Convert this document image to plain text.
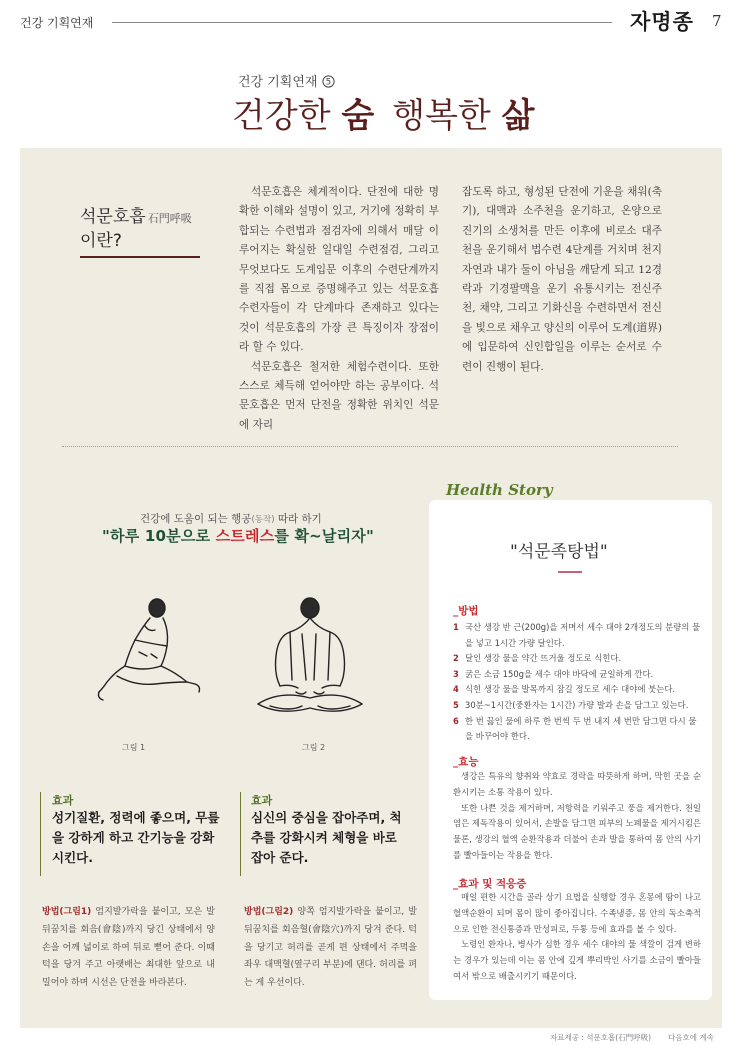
건강 기획연재	자명종 7
건강 기획연재 5
건강한 숨 행복한 삶
석문호흡 石門呼吸
이란?

석문호흡은 체계적이다. 단전에 대한 명확한 이해와 설명이 있고, 거기에 정확히 부합되는 수련법과 점검자에 의해서 매달 이루어지는 확실한 일대일 수련점검, 그리고 무엇보다도 도계입문 이후의 수련단계까지를 직접 몸으로 증명해주고 있는 석문호흡 수련자들이 각 단계마다 존재하고 있다는 것이 석문호흡의 가장 큰 특징이자 장점이라 할 수 있다.

석문호흡은 철저한 체험수련이다. 또한 스스로 체득해 얻어야만 하는 공부이다. 석문호흡은 먼저 단전을 정확한 위치인 석문에 자리

잡도록 하고, 형성된 단전에 기운을 채워(축기), 대맥과 소주천을 운기하고, 온양으로 진기의 소생처를 만든 이후에 비로소 대주천을 운기해서 법수련 4단계를 거치며 천지자연과 내가 둘이 아님을 깨닫게 되고 12경락과 기경팔맥을 운기 유통시키는 전신주천, 채약, 그리고 기화신을 수련하면서 전신을 빛으로 채우고 양신의 이루어 도계(道界)에 입문하여 신인합일을 이루는 순서로 수련이 진행이 된다.

건강에 도움이 되는 행공(동작) 따라 하기
"하루 10분으로 스트레스를 확~날리자"
그림 1	그림 2
효과	효과
성기질환, 정력에 좋으며, 무릎을 강하게 하고 간기능을 강화 시킨다.
심신의 중심을 잡아주며, 척추를 강화시켜 체형을 바로 잡아 준다.
방법(그림1) 엄지발가락을 붙이고, 모은 발 뒤꿈치를 회음(會陰)까지 당긴 상태에서 양손을 어깨 넓이로 하여 뒤로 뻗어 준다. 이때 턱을 당겨 주고 아랫배는 최대한 앞으로 내밀어야 하며 시선은 단전을 바라본다.
방법(그림2) 양쪽 엄지발가락을 붙이고, 발뒤꿈치를 회음혈(會陰穴)까지 당겨 준다. 턱을 당기고 허리를 곧게 편 상태에서 주먹을 좌우 대맥혈(옆구리 부분)에 댄다. 허리를 펴는 게 우선이다.
Health Story
"석문족탕법"
_방법
1 국산 생강 반 근(200g)을 저며서 세수 대야 2개정도의 분량의 물을 넣고 1시간 가량 달인다.
2 달인 생강 물을 약간 뜨거울 정도로 식힌다.
3 굵은 소금 150g을 세수 대야 바닥에 균일하게 깐다.
4 식힌 생강 물을 발목까지 잠길 정도로 세수 대야에 붓는다.
5 30분~1시간(중환자는 1시간) 가량 발과 손을 담그고 있는다.
6 한 번 끓인 물에 하루 한 번씩 두 번 내지 세 번만 담그면 다시 물을 바꾸어야 한다.
_효능

생강은 특유의 향취와 약효로 경락을 따뜻하게 하며, 막힌 곳을 순환시키는 소통 작용이 있다.

또한 나쁜 것을 제거하며, 저항력을 키워주고 풍을 제거한다. 천일염은 제독작용이 있어서, 손발을 담그면 피부의 노폐물을 제거시킴은 물론, 생강의 혈액 순환작용과 더불어 손과 발을 통하여 몸 안의 사기를 빨아들이는 작용을 한다.

_효과 및 적응증

매일 편한 시간을 골라 상기 요법을 실행할 경우 혼몽에 땀이 나고 혈액순환이 되며 몸이 많이 좋아집니다. 수족냉증, 몸 안의 독소축적으로 인한 전신통증과 만성피로, 두통 등에 효과를 볼 수 있다.

노령인 환자나, 병사가 심한 경우 세수 대야의 물 색깔이 검게 변하는 경우가 있는데 이는 몸 안에 깊게 뿌리박인 사기를 소금이 빨아들여서 밖으로 배출시키기 때문이다.

자료제공 : 석문호흡(石門呼吸) 다음호에 계속
